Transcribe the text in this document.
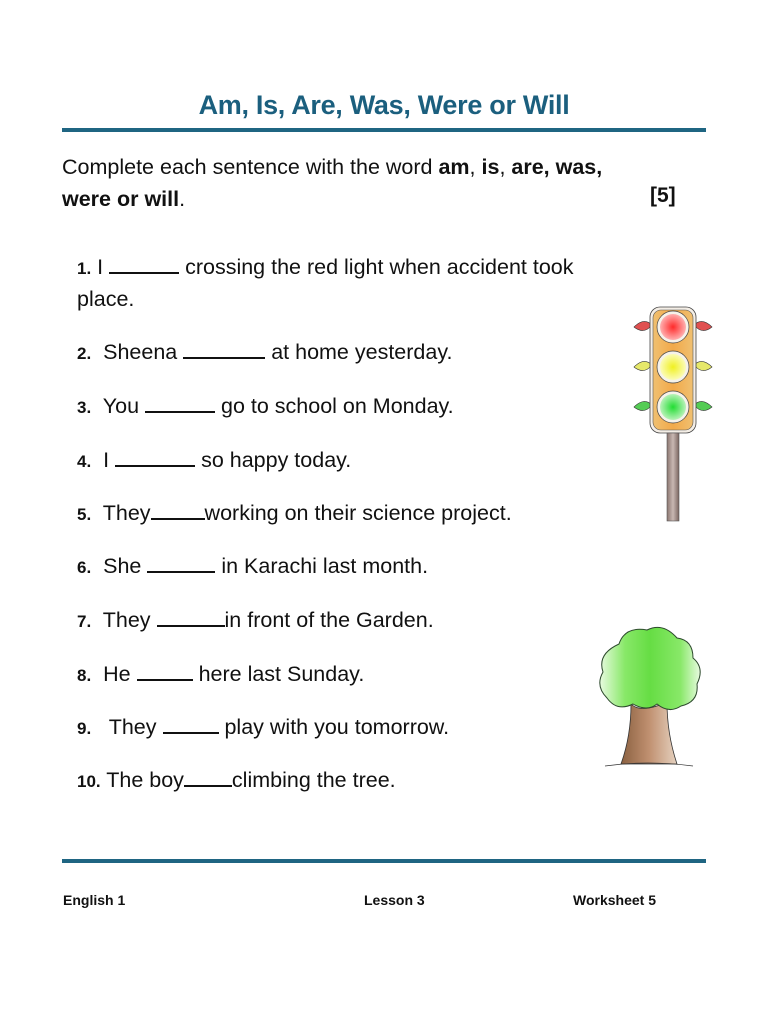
Am, Is, Are, Was, Were or Will
Complete each sentence with the word am, is, are, was,
were or will.	[5]
1. I	crossing the red light when accident took
place.
2.  Sheena	at home yesterday.
3.  You	go to school on Monday.
4.  I	so happy today.
5.  They	working on their science project.
6.  She	in Karachi last month.
7.  They	in front of the Garden.
8.  He	here last Sunday.
9.   They	play with you tomorrow.
10. The boy climbing the tree.
English 1	Lesson 3	Worksheet 5
